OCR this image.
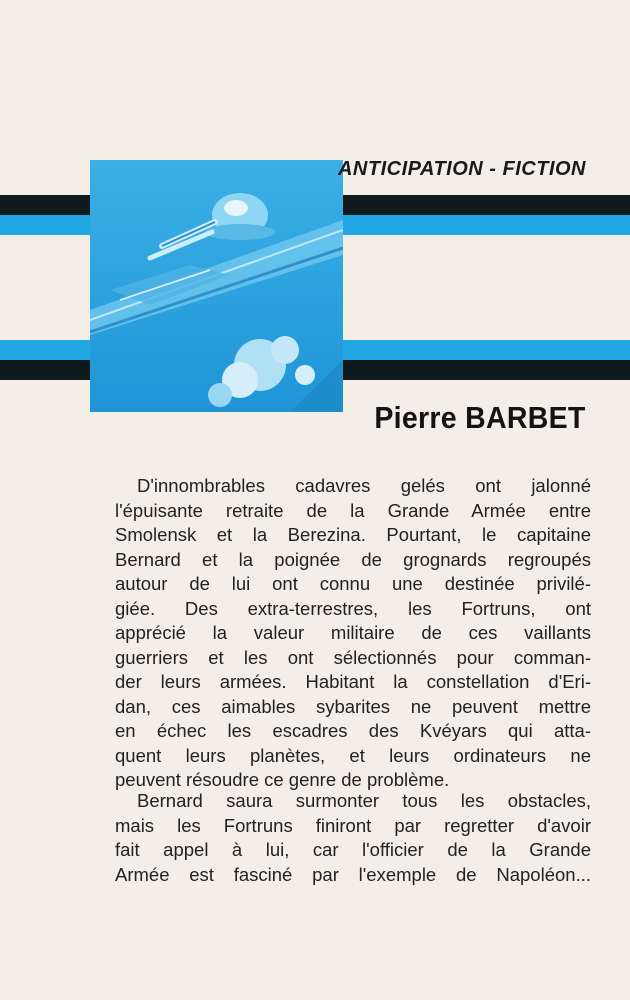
ANTICIPATION - FICTION
Pierre BARBET
D'innombrables cadavres gelés ont jalonné
l'épuisante retraite de la Grande Armée entre
Smolensk et la Berezina. Pourtant, le capitaine
Bernard et la poignée de grognards regroupés
autour de lui ont connu une destinée privilé-
giée. Des extra-terrestres, les Fortruns, ont
apprécié la valeur militaire de ces vaillants
guerriers et les ont sélectionnés pour comman-
der leurs armées. Habitant la constellation d'Eri-
dan, ces aimables sybarites ne peuvent mettre
en échec les escadres des Kvéyars qui atta-
quent leurs planètes, et leurs ordinateurs ne
peuvent résoudre ce genre de problème.
Bernard saura surmonter tous les obstacles,
mais les Fortruns finiront par regretter d'avoir
fait appel à lui, car l'officier de la Grande
Armée est fasciné par l'exemple de Napoléon...
